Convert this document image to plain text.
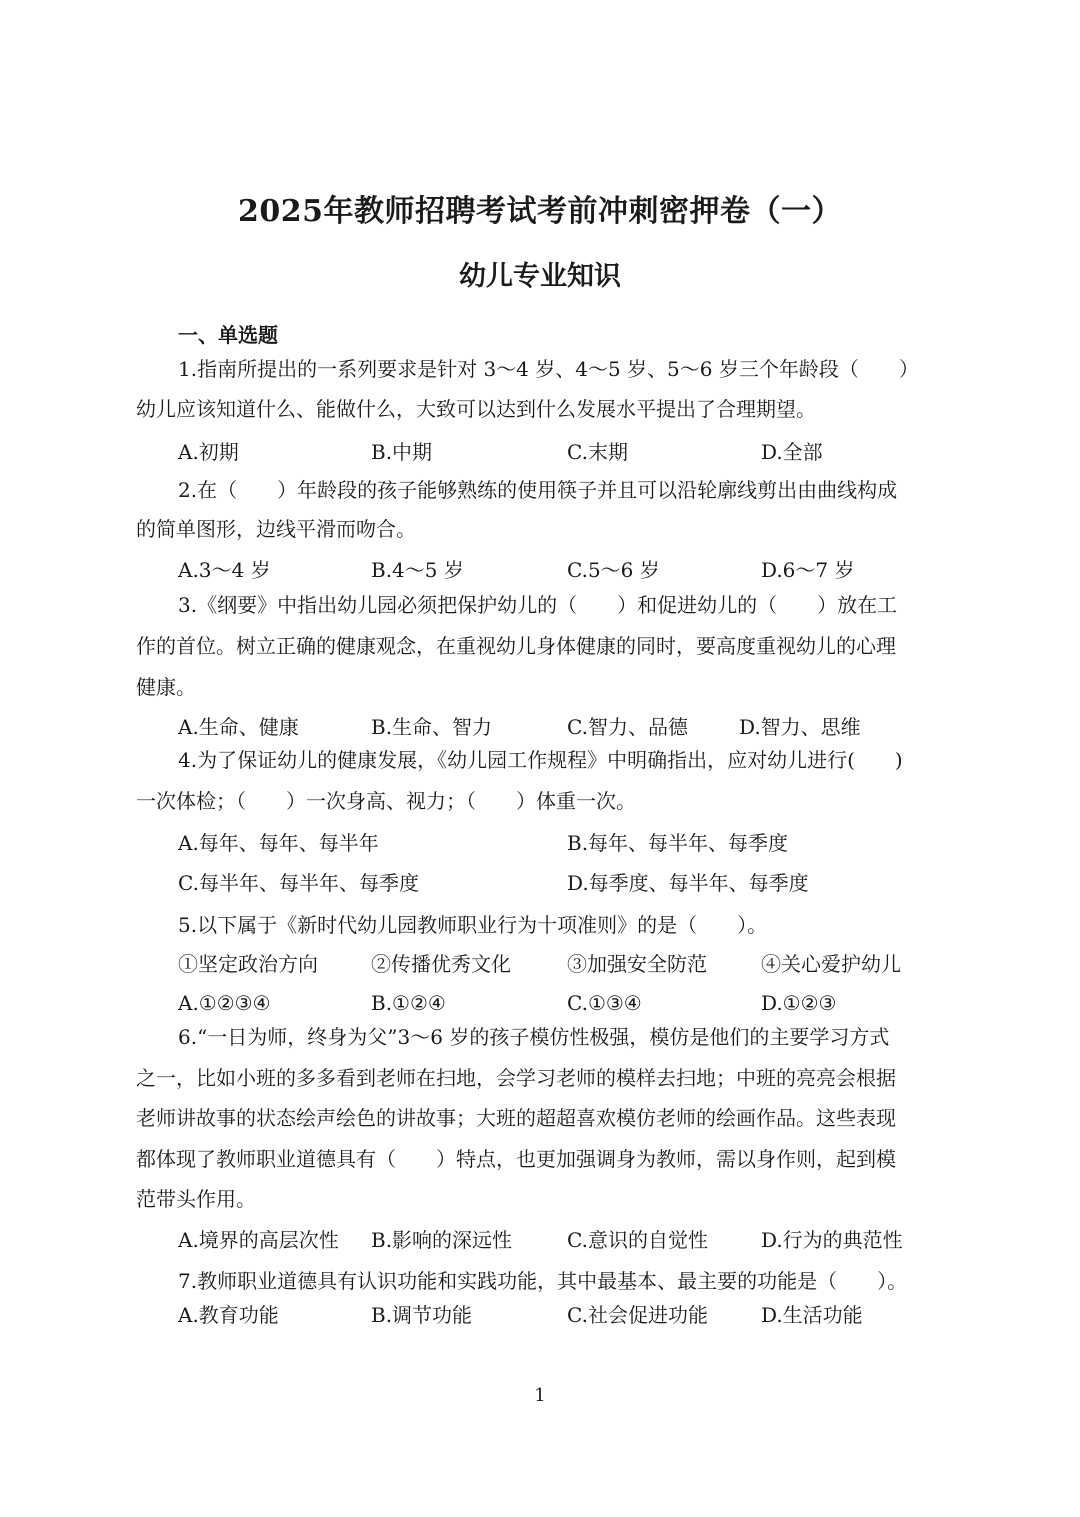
2025年教师招聘考试考前冲刺密押卷（一）
幼儿专业知识
一、单选题
1.指南所提出的一系列要求是针对 3～4 岁、4～5 岁、5～6 岁三个年龄段（　　）
幼儿应该知道什么、能做什么，大致可以达到什么发展水平提出了合理期望。
A.初期	B.中期	C.末期	D.全部
2.在（　　）年龄段的孩子能够熟练的使用筷子并且可以沿轮廓线剪出由曲线构成
的简单图形，边线平滑而吻合。
A.3～4 岁	B.4～5 岁	C.5～6 岁	D.6～7 岁
3.《纲要》中指出幼儿园必须把保护幼儿的（　　）和促进幼儿的（　　）放在工
作的首位。树立正确的健康观念，在重视幼儿身体健康的同时，要高度重视幼儿的心理
健康。
A.生命、健康	B.生命、智力	C.智力、品德	D.智力、思维
4.为了保证幼儿的健康发展，《幼儿园工作规程》中明确指出，应对幼儿进行(　　)
一次体检；（　　）一次身高、视力；（　　）体重一次。
A.每年、每年、每半年	B.每年、每半年、每季度
C.每半年、每半年、每季度	D.每季度、每半年、每季度
5.以下属于《新时代幼儿园教师职业行为十项准则》的是（　　）。
①坚定政治方向	②传播优秀文化	③加强安全防范	④关心爱护幼儿
A.①②③④	B.①②④	C.①③④	D.①②③
6.“一日为师，终身为父”3～6 岁的孩子模仿性极强，模仿是他们的主要学习方式
之一，比如小班的多多看到老师在扫地，会学习老师的模样去扫地；中班的亮亮会根据
老师讲故事的状态绘声绘色的讲故事；大班的超超喜欢模仿老师的绘画作品。这些表现
都体现了教师职业道德具有（　　）特点，也更加强调身为教师，需以身作则，起到模
范带头作用。
A.境界的高层次性 B.影响的深远性	C.意识的自觉性	D.行为的典范性
7.教师职业道德具有认识功能和实践功能，其中最基本、最主要的功能是（　　）。
A.教育功能	B.调节功能	C.社会促进功能	D.生活功能
1
